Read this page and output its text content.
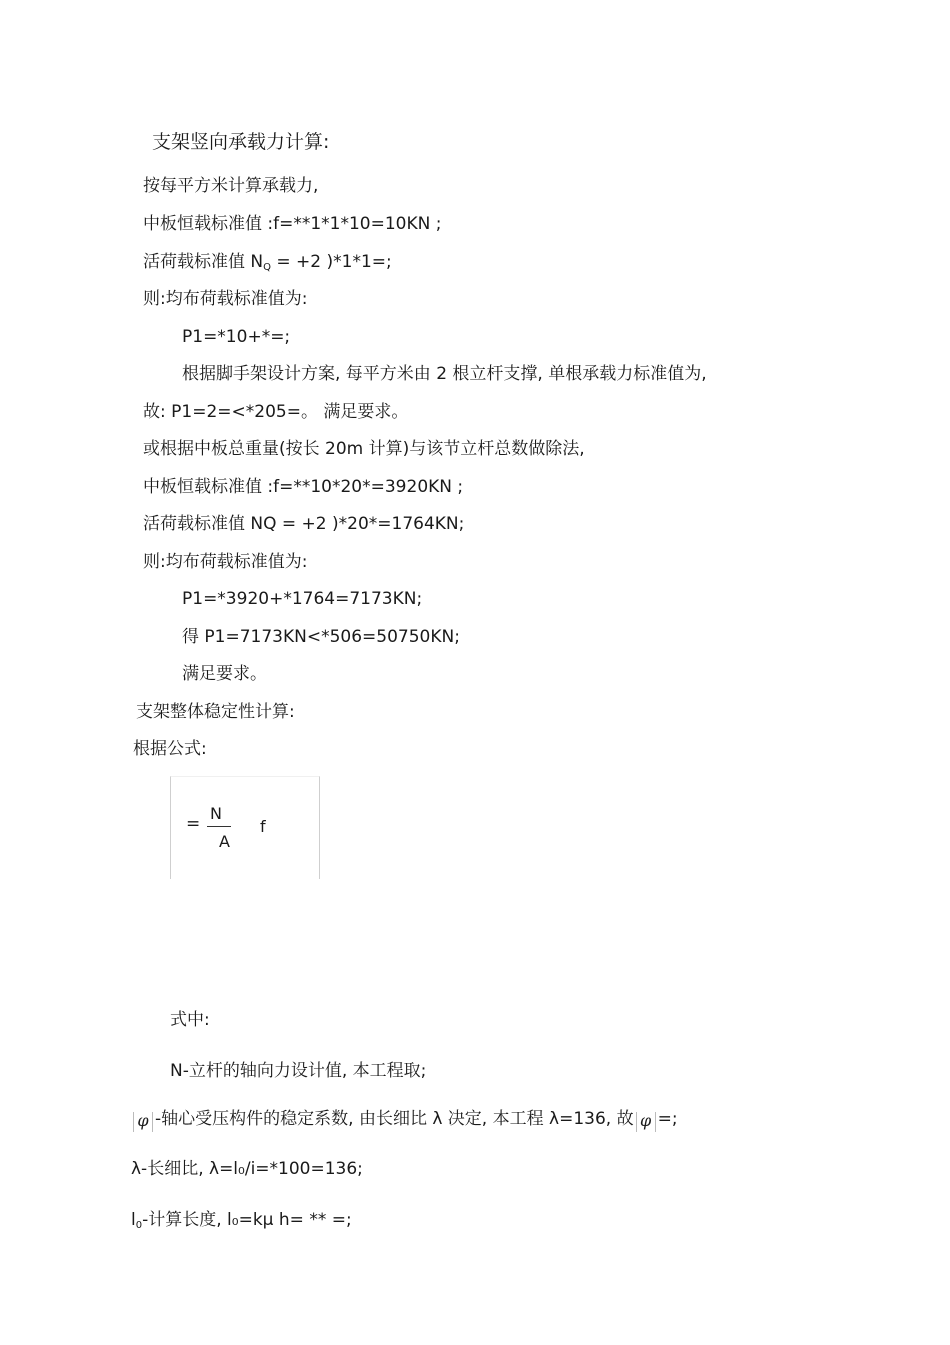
支架竖向承载力计算:
按每平方米计算承载力,
中板恒载标准值 :f=**1*1*10=10KN ;
活荷载标准值 $N_Q = +2$ )*1*1=;
则:均布荷载标准值为:
P1=*10+*=;
根据脚手架设计方案, 每平方米由 2 根立杆支撑, 单根承载力标准值为,
故: P1=2=<*205=。 满足要求。
或根据中板总重量(按长 20m 计算)与该节立杆总数做除法,
中板恒载标准值 :f=**10*20*=3920KN ;
活荷载标准值 NQ = +2 )*20*=1764KN;
则:均布荷载标准值为:
P1=*3920+*1764=7173KN;
得 P1=7173KN<*506=50750KN;
满足要求。
支架整体稳定性计算:
根据公式:
=
N
A
f
式中:
N-立杆的轴向力设计值, 本工程取;
φ -轴心受压构件的稳定系数, 由长细比 λ 决定, 本工程 λ=136, 故 φ =;
λ-长细比, λ=l₀/i=*100=136;
$l_0-$计算长度, l₀=kμ h= ** =;
